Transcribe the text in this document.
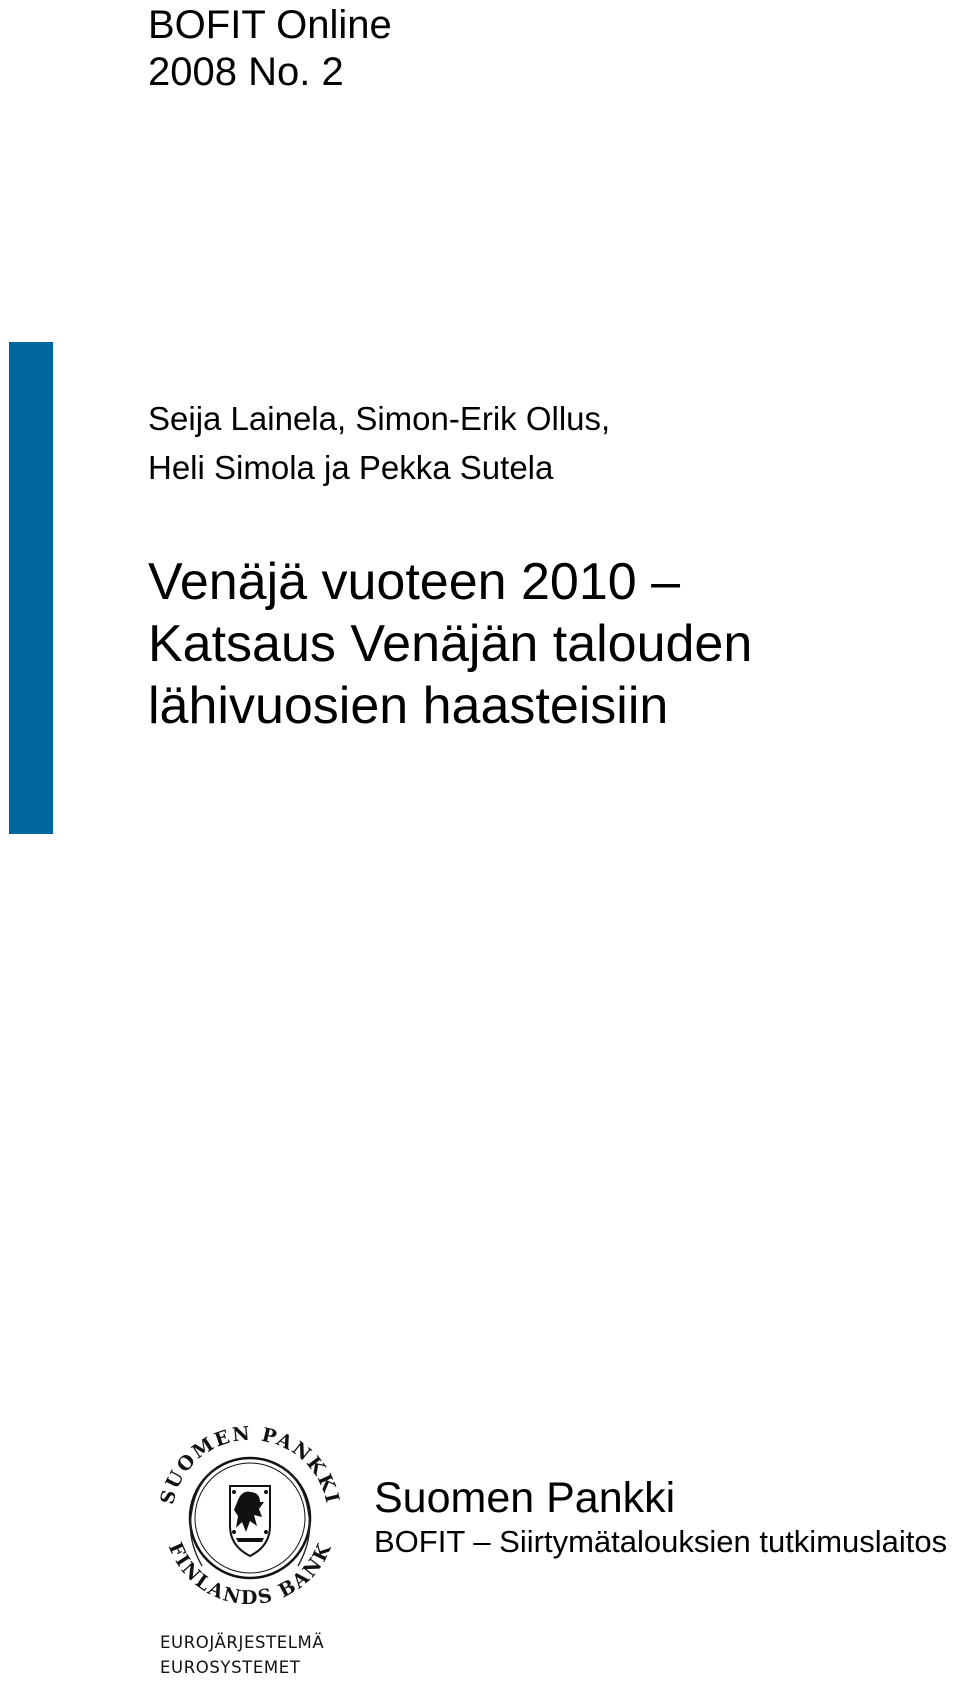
BOFIT Online
2008 No. 2
Seija Lainela, Simon-Erik Ollus,
Heli Simola ja Pekka Sutela
Venäjä vuoteen 2010 –
Katsaus Venäjän talouden
lähivuosien haasteisiin
SUOMEN PANKKI
FINLANDS BANK
EUROJÄRJESTELMÄ
EUROSYSTEMET
Suomen Pankki
BOFIT – Siirtymätalouksien tutkimuslaitos
